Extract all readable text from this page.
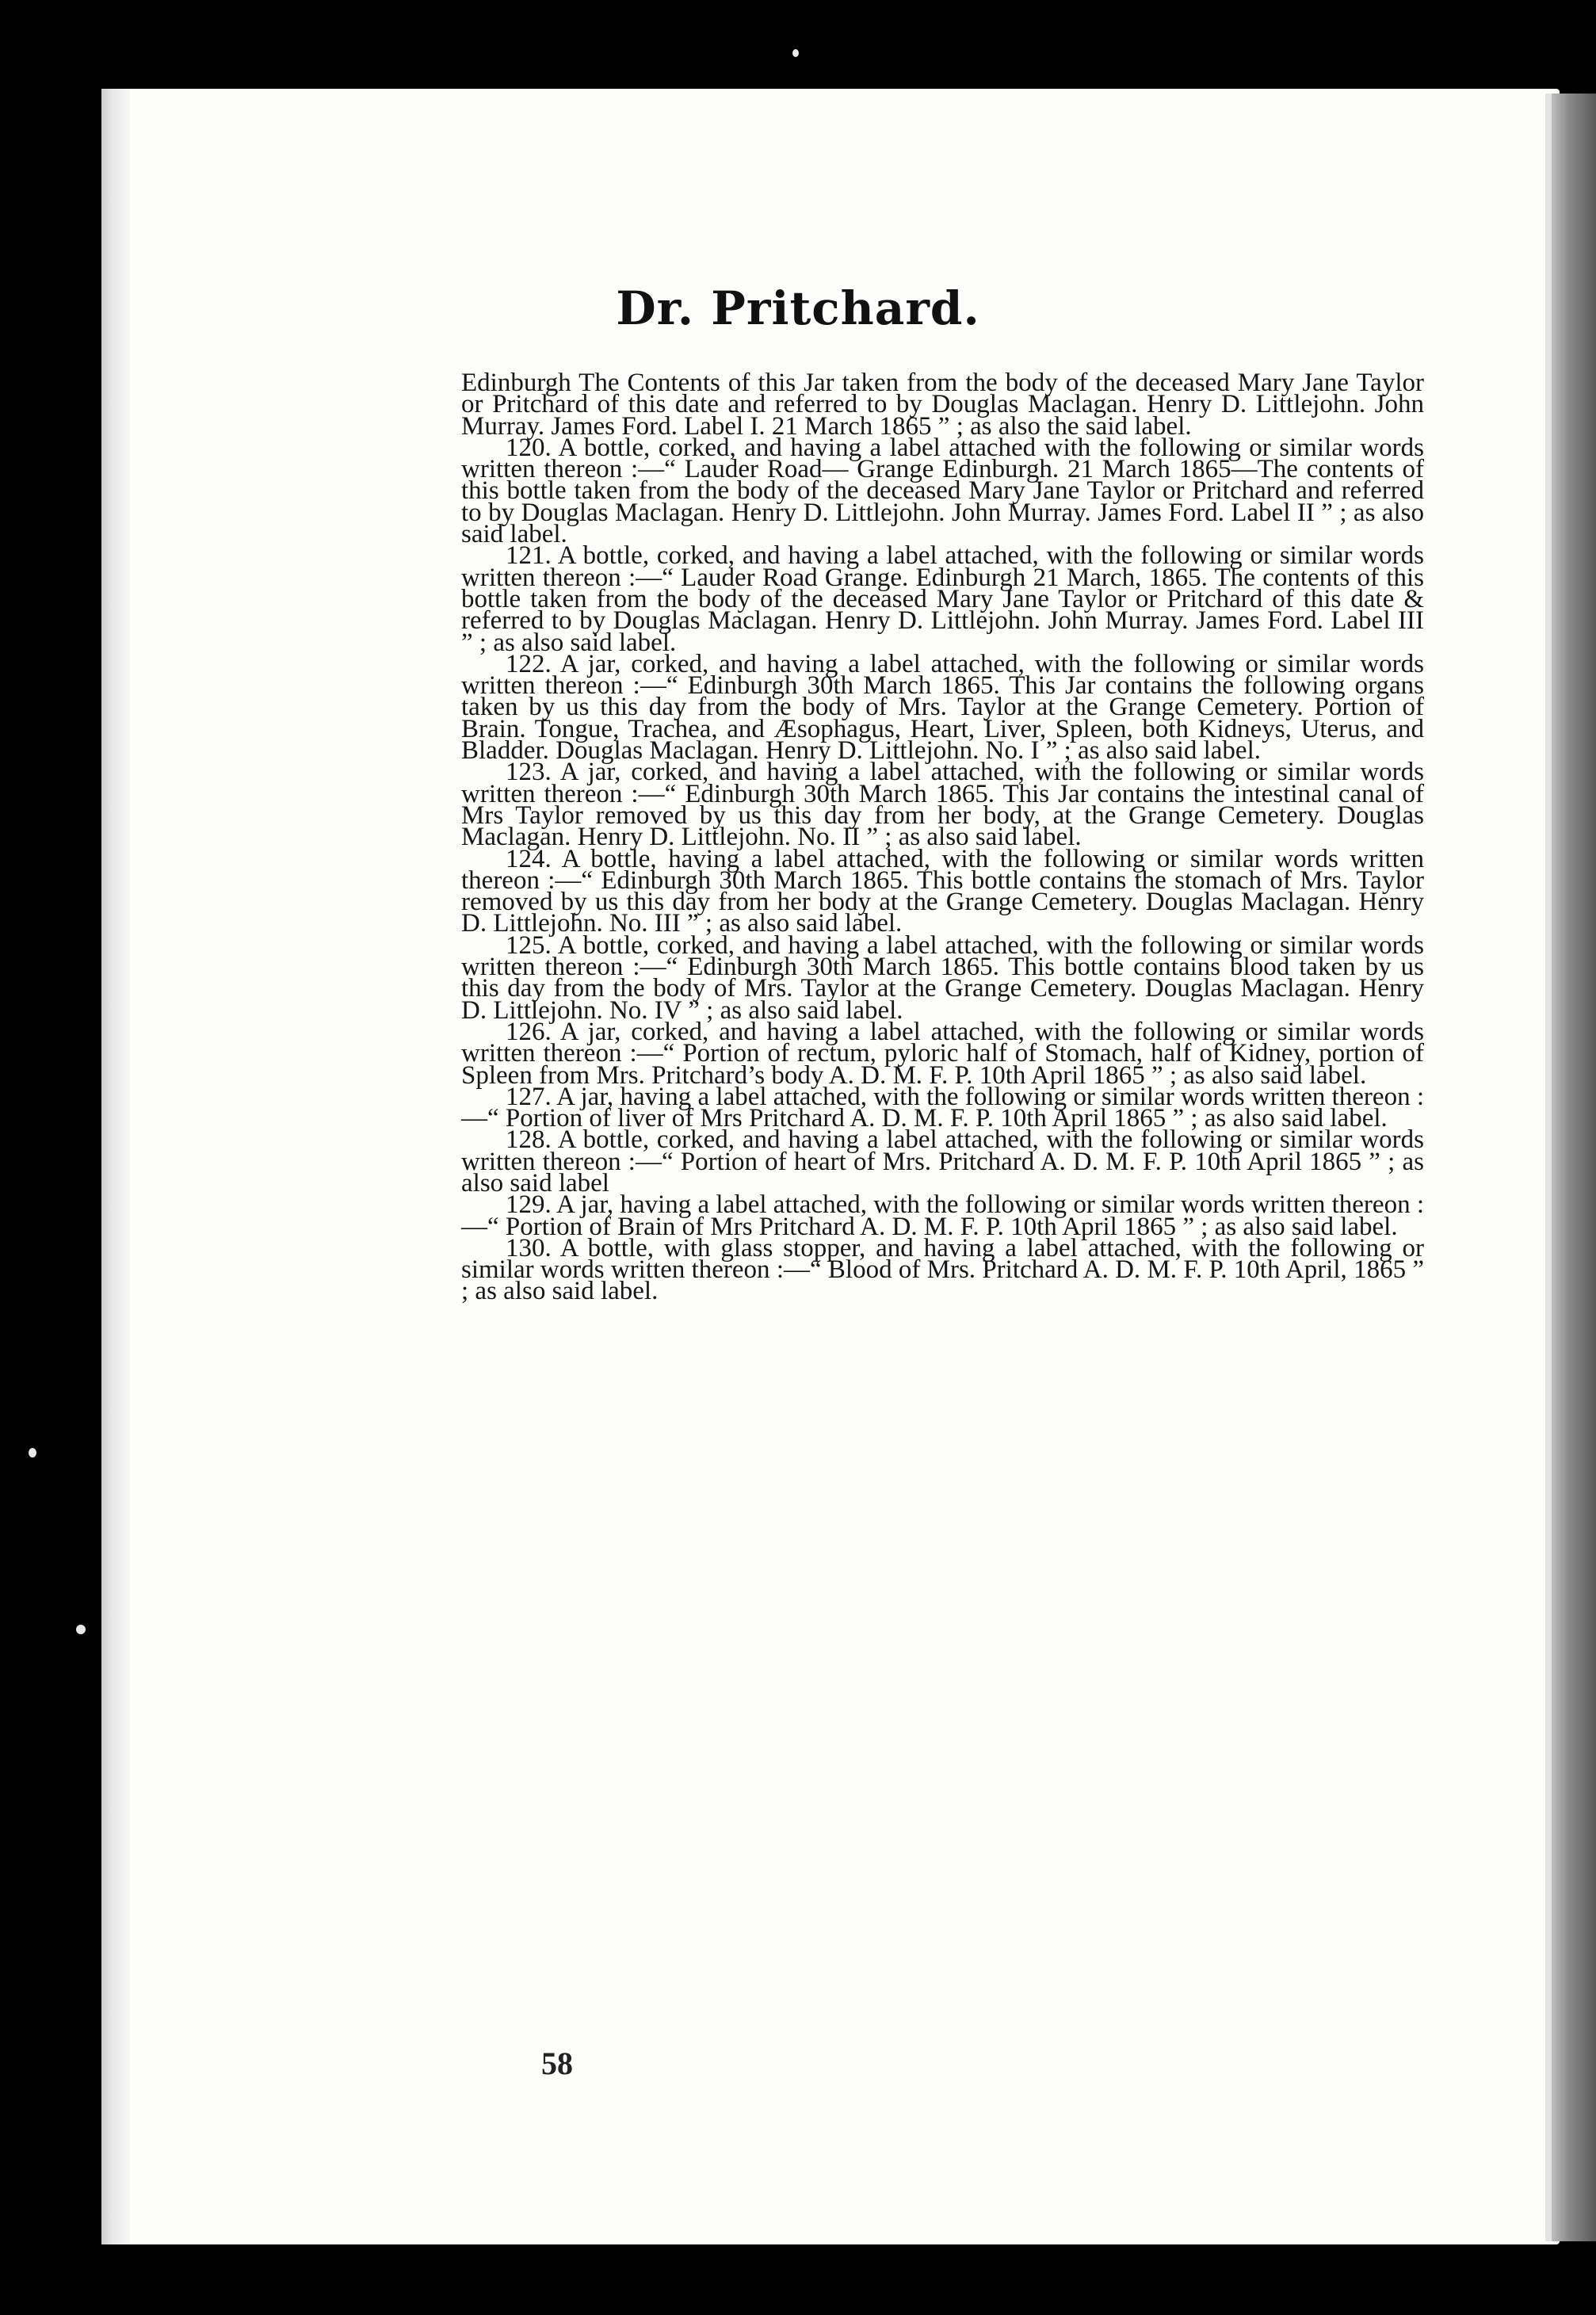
Dr. Pritchard.

Edinburgh The Contents of this Jar taken from the body of the deceased Mary Jane Taylor or Pritchard of this date and referred to by Douglas Maclagan. Henry D. Littlejohn. John Murray. James Ford. Label I. 21 March 1865 ” ; as also the said label.

120. A bottle, corked, and having a label attached with the following or similar words written thereon :—“ Lauder Road— Grange Edinburgh. 21 March 1865—The contents of this bottle taken from the body of the deceased Mary Jane Taylor or Pritchard and referred to by Douglas Maclagan. Henry D. Littlejohn. John Murray. James Ford. Label II ” ; as also said label.

121. A bottle, corked, and having a label attached, with the following or similar words written thereon :—“ Lauder Road Grange. Edinburgh 21 March, 1865. The contents of this bottle taken from the body of the deceased Mary Jane Taylor or Pritchard of this date & referred to by Douglas Maclagan. Henry D. Littlejohn. John Murray. James Ford. Label III ” ; as also said label.

122. A jar, corked, and having a label attached, with the following or similar words written thereon :—“ Edinburgh 30th March 1865. This Jar contains the following organs taken by us this day from the body of Mrs. Taylor at the Grange Cemetery. Portion of Brain. Tongue, Trachea, and Æsophagus, Heart, Liver, Spleen, both Kidneys, Uterus, and Bladder. Douglas Maclagan. Henry D. Littlejohn. No. I ” ; as also said label.

123. A jar, corked, and having a label attached, with the following or similar words written thereon :—“ Edinburgh 30th March 1865. This Jar contains the intestinal canal of Mrs Taylor removed by us this day from her body, at the Grange Cemetery. Douglas Maclagan. Henry D. Littlejohn. No. II ” ; as also said label.

124. A bottle, having a label attached, with the following or similar words written thereon :—“ Edinburgh 30th March 1865. This bottle contains the stomach of Mrs. Taylor removed by us this day from her body at the Grange Cemetery. Douglas Maclagan. Henry D. Littlejohn. No. III ” ; as also said label.

125. A bottle, corked, and having a label attached, with the following or similar words written thereon :—“ Edinburgh 30th March 1865. This bottle contains blood taken by us this day from the body of Mrs. Taylor at the Grange Cemetery. Douglas Maclagan. Henry D. Littlejohn. No. IV ” ; as also said label.

126. A jar, corked, and having a label attached, with the following or similar words written thereon :—“ Portion of rectum, pyloric half of Stomach, half of Kidney, portion of Spleen from Mrs. Pritchard’s body A. D. M. F. P. 10th April 1865 ” ; as also said label.

127. A jar, having a label attached, with the following or similar words written thereon :—“ Portion of liver of Mrs Pritchard A. D. M. F. P. 10th April 1865 ” ; as also said label.

128. A bottle, corked, and having a label attached, with the following or similar words written thereon :—“ Portion of heart of Mrs. Pritchard A. D. M. F. P. 10th April 1865 ” ; as also said label

129. A jar, having a label attached, with the following or similar words written thereon :—“ Portion of Brain of Mrs Pritchard A. D. M. F. P. 10th April 1865 ” ; as also said label.

130. A bottle, with glass stopper, and having a label attached, with the following or similar words written thereon :—“ Blood of Mrs. Pritchard A. D. M. F. P. 10th April, 1865 ” ; as also said label.

58
